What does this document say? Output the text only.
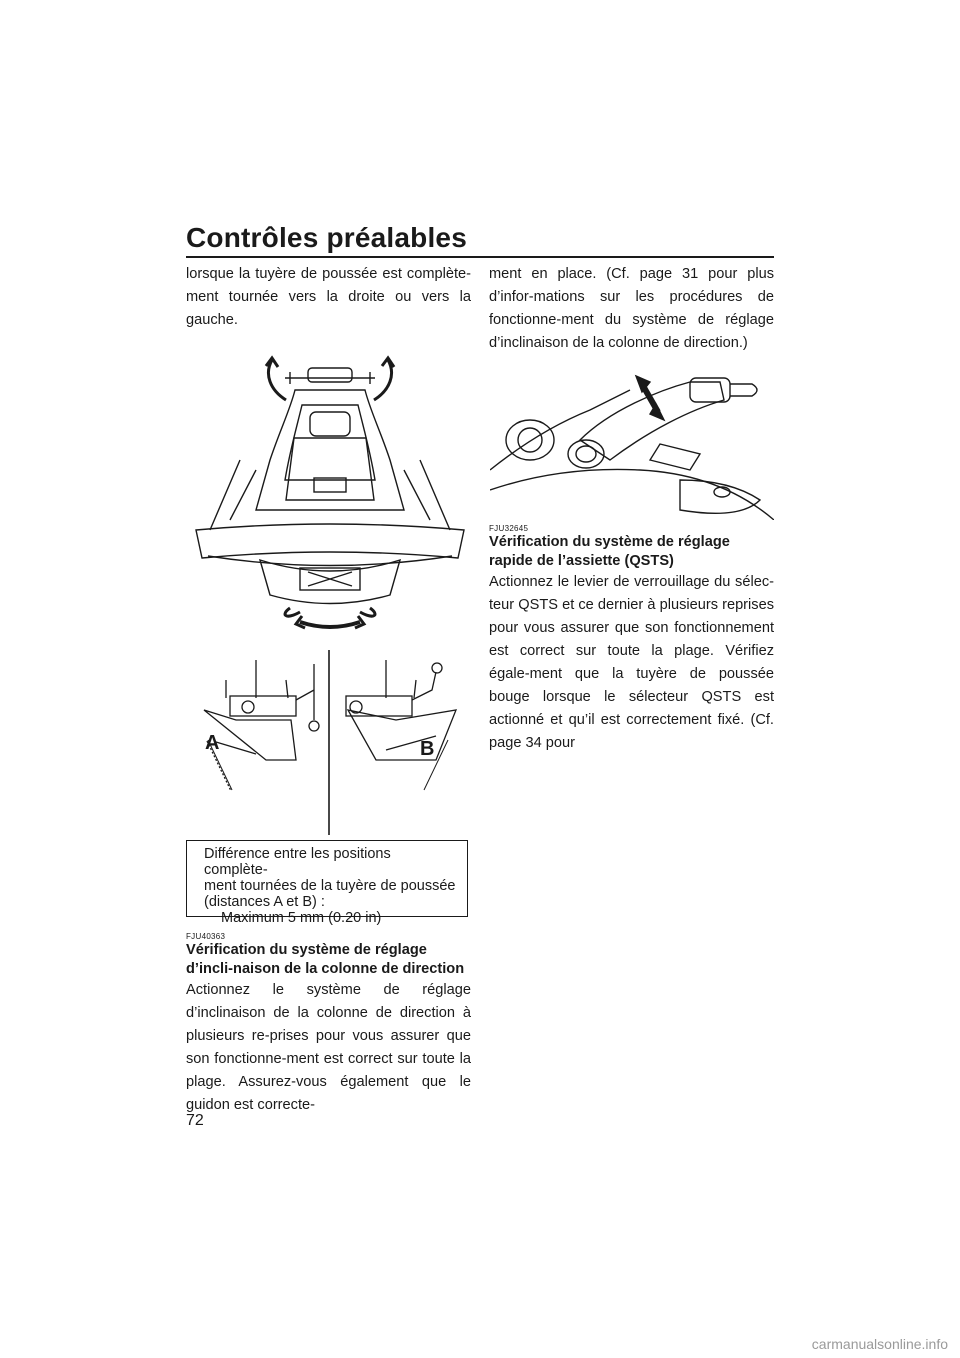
Contrôles préalables

lorsque la tuyère de poussée est complète-ment tournée vers la droite ou vers la gauche.

ment en place. (Cf. page 31 pour plus d’infor-mations sur les procédures de fonctionne-ment du système de réglage d’inclinaison de la colonne de direction.)

A	B
Différence entre les positions complète-
ment tournées de la tuyère de poussée
(distances A et B) :
Maximum 5 mm (0.20 in)
FJU40363
Vérification du système de réglage d’incli-naison de la colonne de direction

Actionnez le système de réglage d’inclinaison de la colonne de direction à plusieurs re-prises pour vous assurer que son fonctionne-ment est correct sur toute la plage. Assurez-vous également que le guidon est correcte-

FJU32645
Vérification du système de réglage rapide de l’assiette (QSTS)

Actionnez le levier de verrouillage du sélec-teur QSTS et ce dernier à plusieurs reprises pour vous assurer que son fonctionnement est correct sur toute la plage. Vérifiez égale-ment que la tuyère de poussée bouge lorsque le sélecteur QSTS est actionné et qu’il est correctement fixé. (Cf. page 34 pour

72
carmanualsonline.info
